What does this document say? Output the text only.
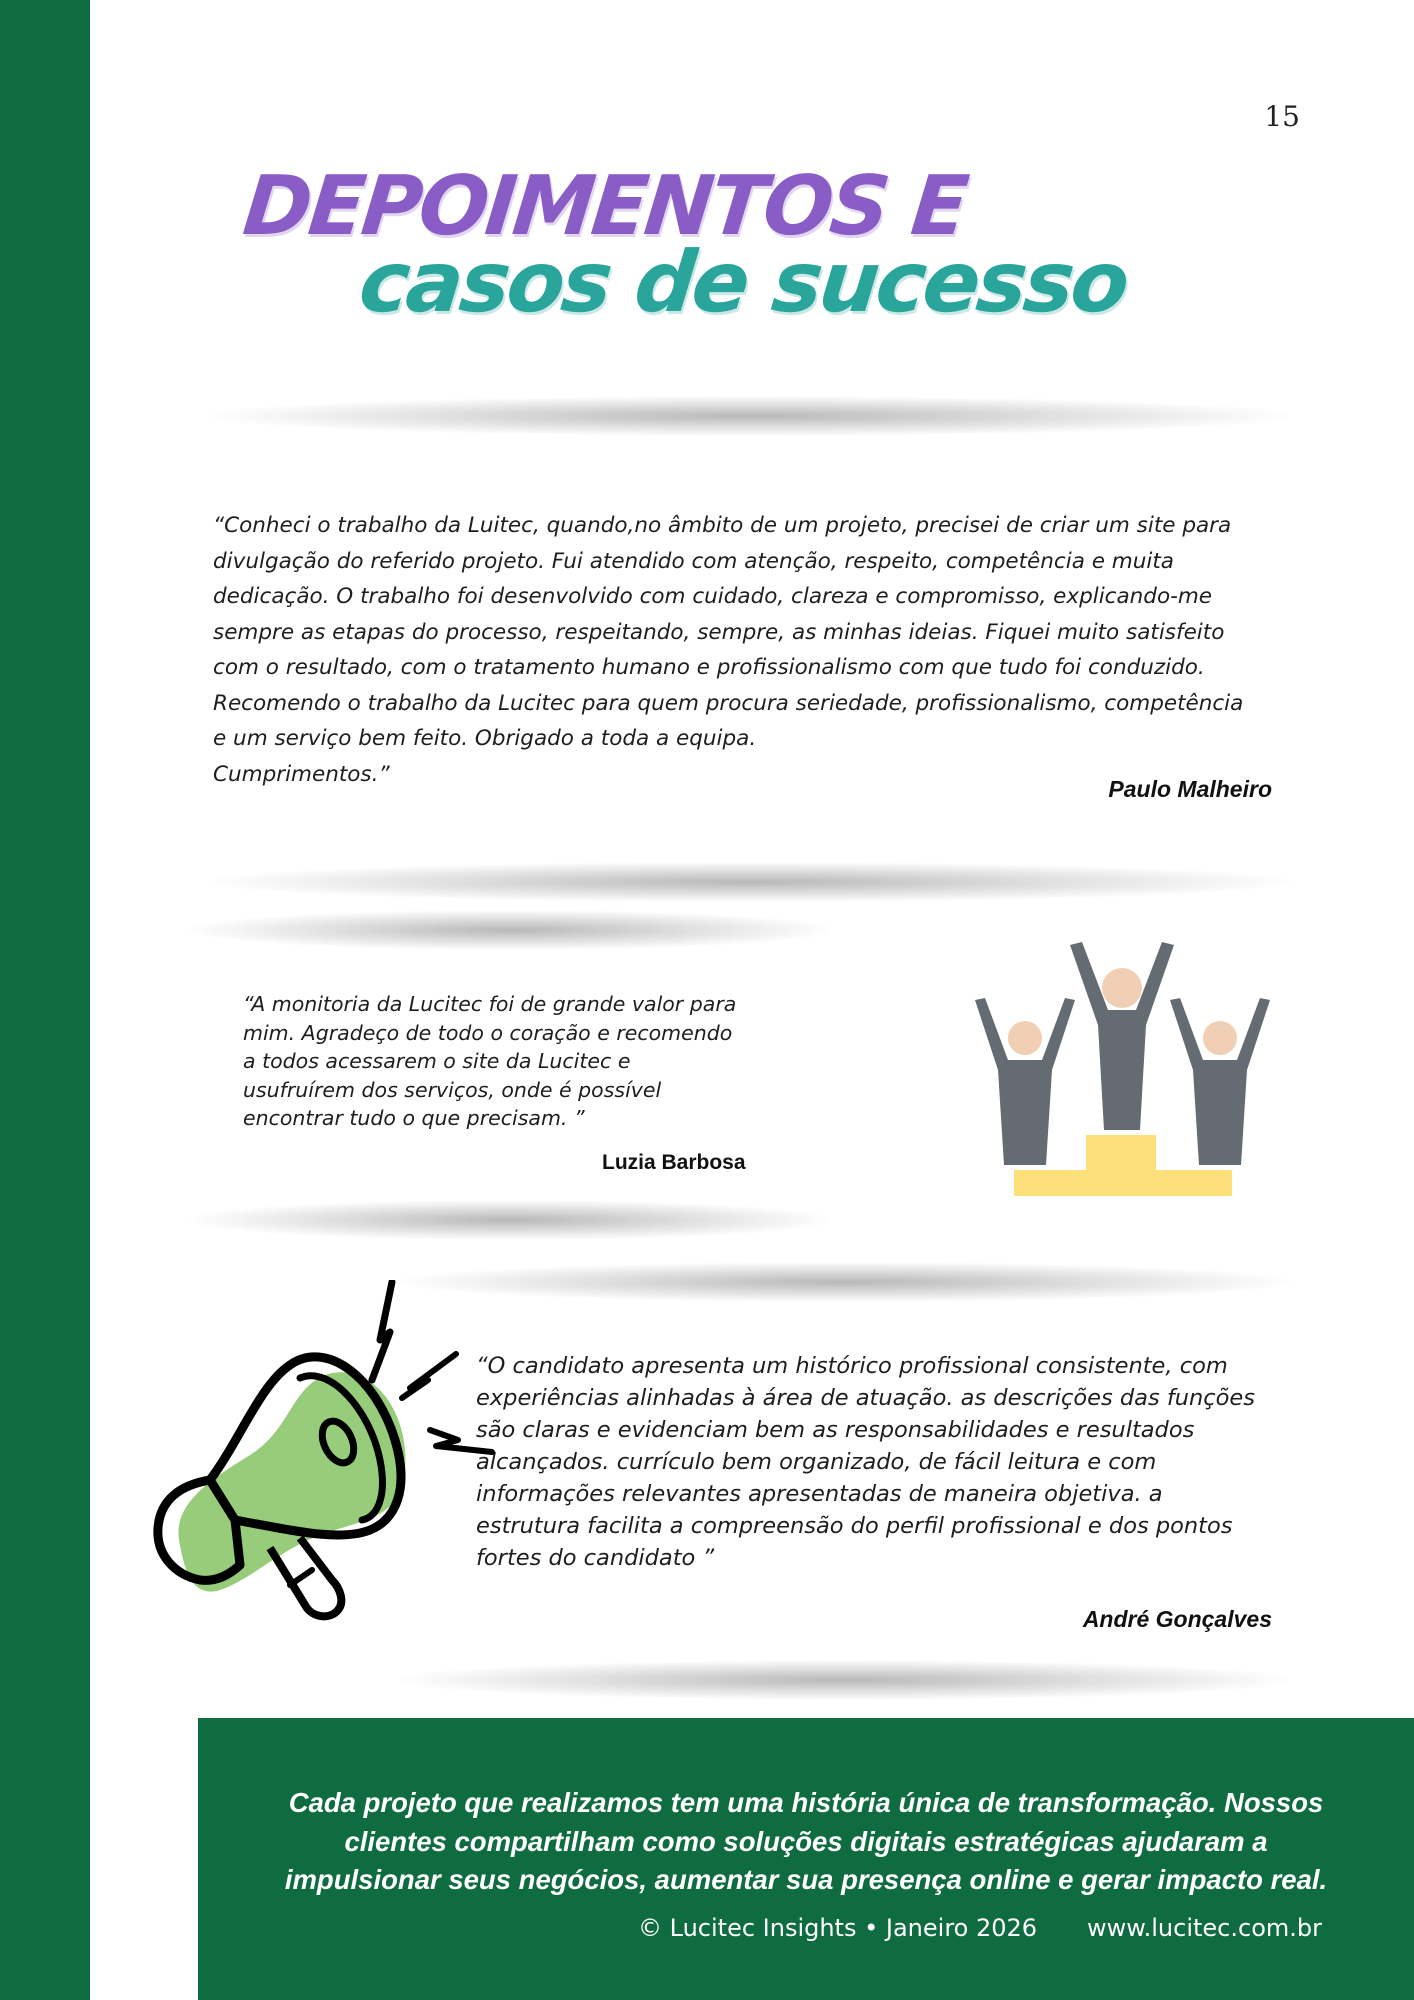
15
DEPOIMENTOS E
casos de sucesso
“Conheci o trabalho da Luitec, quando,no âmbito de um projeto, precisei de criar um site para
divulgação do referido projeto. Fui atendido com atenção, respeito, competência e muita
dedicação. O trabalho foi desenvolvido com cuidado, clareza e compromisso, explicando-me
sempre as etapas do processo, respeitando, sempre, as minhas ideias. Fiquei muito satisfeito
com o resultado, com o tratamento humano e profissionalismo com que tudo foi conduzido.
Recomendo o trabalho da Lucitec para quem procura seriedade, profissionalismo, competência
e um serviço bem feito. Obrigado a toda a equipa.
Cumprimentos.”
Paulo Malheiro
“A monitoria da Lucitec foi de grande valor para
mim. Agradeço de todo o coração e recomendo
a todos acessarem o site da Lucitec e
usufruírem dos serviços, onde é possível
encontrar tudo o que precisam. ”
Luzia Barbosa
“O candidato apresenta um histórico profissional consistente, com
experiências alinhadas à área de atuação. as descrições das funções
são claras e evidenciam bem as responsabilidades e resultados
alcançados. currículo bem organizado, de fácil leitura e com
informações relevantes apresentadas de maneira objetiva. a
estrutura facilita a compreensão do perfil profissional e dos pontos
fortes do candidato ”
André Gonçalves
Cada projeto que realizamos tem uma história única de transformação. Nossos
clientes compartilham como soluções digitais estratégicas ajudaram a
impulsionar seus negócios, aumentar sua presença online e gerar impacto real.
© Lucitec Insights • Janeiro 2026 www.lucitec.com.br
